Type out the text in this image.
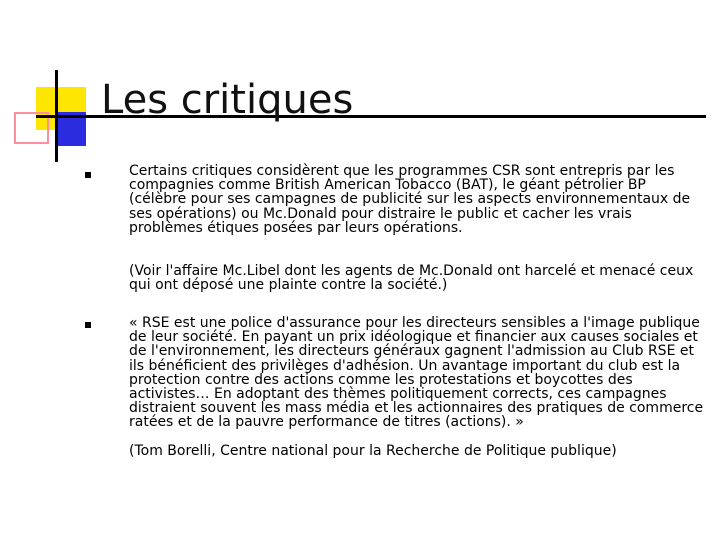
Les critiques

Certains critiques considèrent que les programmes CSR sont entrepris par les compagnies comme British American Tobacco (BAT), le géant pétrolier BP (célèbre pour ses campagnes de publicité sur les aspects environnementaux de ses opérations) ou Mc.Donald pour distraire le public et cacher les vrais problèmes étiques posées par leurs opérations.

(Voir l'affaire Mc.Libel dont les agents de Mc.Donald ont harcelé et menacé ceux qui ont déposé une plainte contre la société.)

« RSE est une police d'assurance pour les directeurs sensibles a l'image publique de leur société. En payant un prix idéologique et financier aux causes sociales et de l'environnement, les directeurs généraux gagnent l'admission au Club RSE et ils bénéficient des privilèges d'adhésion. Un avantage important du club est la protection contre des actions comme les protestations et boycottes des activistes… En adoptant des thèmes politiquement corrects, ces campagnes distraient souvent les mass média et les actionnaires des pratiques de commerce ratées et de la pauvre performance de titres (actions). »

(Tom Borelli, Centre national pour la Recherche de Politique publique)
